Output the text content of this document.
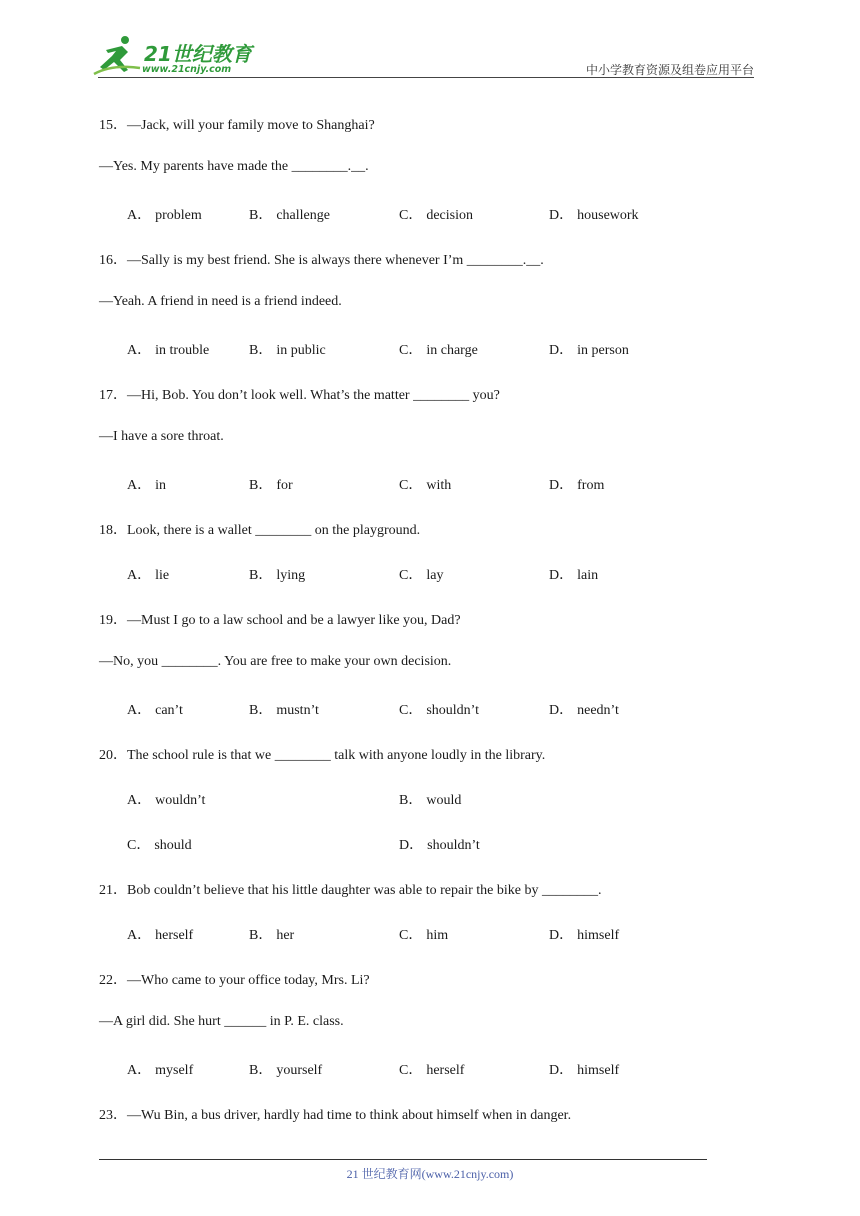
21世纪教育
www.21cnjy.com	中小学教育资源及组卷应用平台
15．—Jack, will your family move to Shanghai?
—Yes. My parents have made the ________.__.
A． problem	B． challenge	C． decision	D． housework
16．—Sally is my best friend. She is always there whenever I’m ________.__.
—Yeah. A friend in need is a friend indeed.
A． in trouble	B． in public	C． in charge	D． in person
17．—Hi, Bob. You don’t look well. What’s the matter ________ you?
—I have a sore throat.
A． in	B． for	C． with	D． from
18．Look, there is a wallet ________ on the playground.
A． lie	B． lying	C． lay	D． lain
19．—Must I go to a law school and be a lawyer like you, Dad?
—No, you ________. You are free to make your own decision.
A． can’t	B． mustn’t	C． shouldn’t	D． needn’t
20．The school rule is that we ________ talk with anyone loudly in the library.
A． wouldn’t	B． would
C． should	D． shouldn’t
21．Bob couldn’t believe that his little daughter was able to repair the bike by ________.
A． herself	B． her	C． him	D． himself
22．—Who came to your office today, Mrs. Li?
—A girl did. She hurt ______ in P. E. class.
A． myself	B． yourself	C． herself	D． himself
23．—Wu Bin, a bus driver, hardly had time to think about himself when in danger.
21 世纪教育网(www.21cnjy.com)
